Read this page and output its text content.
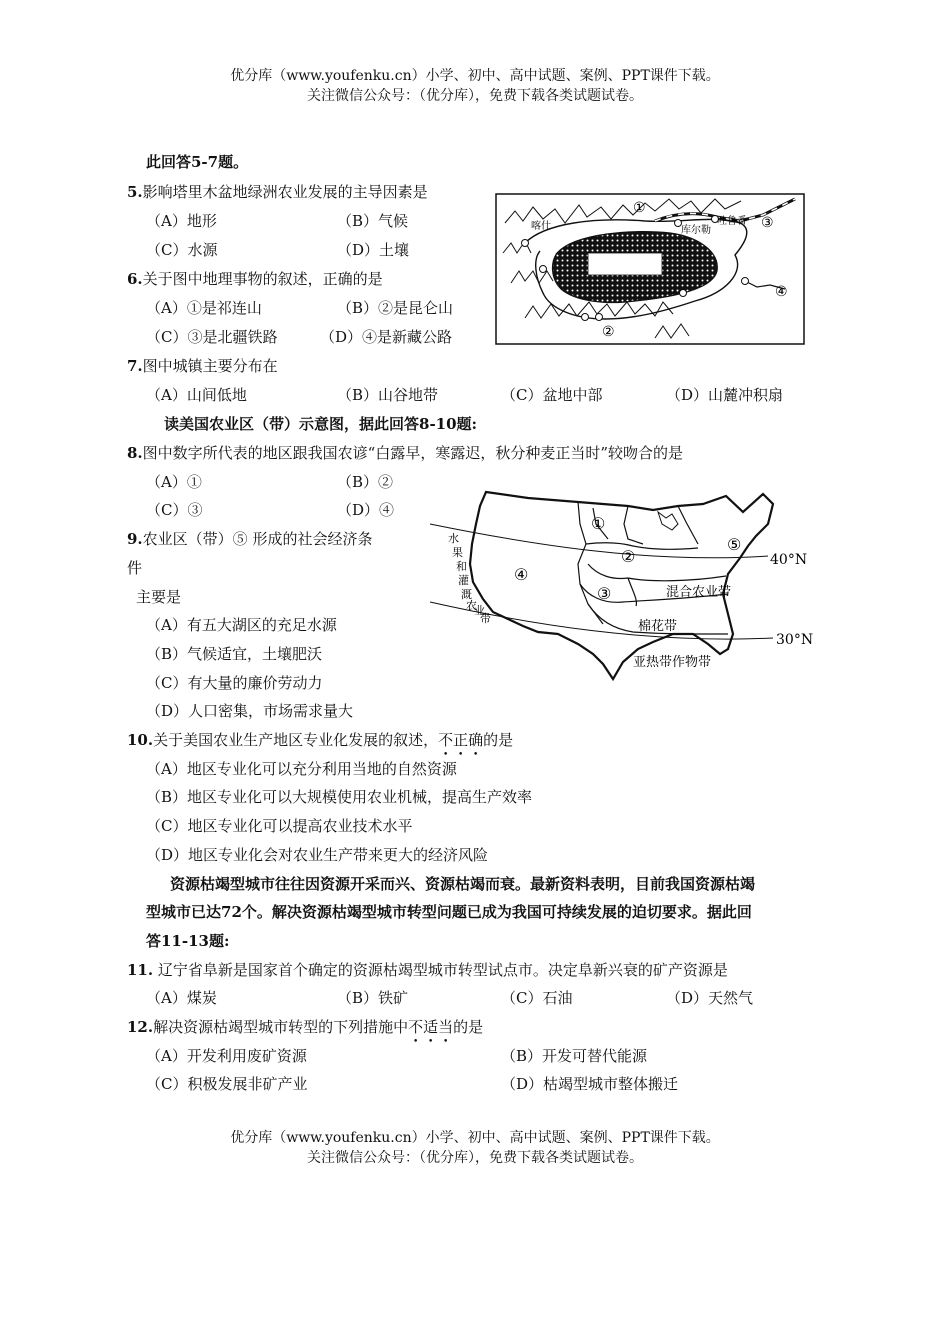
优分库（www.youfenku.cn）小学、初中、高中试题、案例、PPT课件下载。
关注微信公众号：（优分库），免费下载各类试题试卷。
此回答5-7题。
5.影响塔里木盆地绿洲农业发展的主导因素是
（A）地形	（B）气候
（C）水源	（D）土壤
6.关于图中地理事物的叙述，正确的是
（A）①是祁连山	（B）②是昆仑山
（C）③是北疆铁路	（D）④是新藏公路
7.图中城镇主要分布在
（A）山间低地	（B）山谷地带	（C）盆地中部	（D）山麓冲积扇
读美国农业区（带）示意图，据此回答8-10题:
8.图中数字所代表的地区跟我国农谚“白露早，寒露迟，秋分种麦正当时”较吻合的是
（A）①	（B）②
（C）③	（D）④
9.农业区（带）⑤ 形成的社会经济条
件
主要是
（A）有五大湖区的充足水源
（B）气候适宜，土壤肥沃
（C）有大量的廉价劳动力
（D）人口密集，市场需求量大
10.关于美国农业生产地区专业化发展的叙述，不正确的是
（A）地区专业化可以充分利用当地的自然资源
（B）地区专业化可以大规模使用农业机械，提高生产效率
（C）地区专业化可以提高农业技术水平
（D）地区专业化会对农业生产带来更大的经济风险
资源枯竭型城市往往因资源开采而兴、资源枯竭而衰。最新资料表明，目前我国资源枯竭
型城市已达72个。解决资源枯竭型城市转型问题已成为我国可持续发展的迫切要求。据此回
答11-13题:
11. 辽宁省阜新是国家首个确定的资源枯竭型城市转型试点市。决定阜新兴衰的矿产资源是
（A）煤炭	（B）铁矿	（C）石油	（D）天然气
12.解决资源枯竭型城市转型的下列措施中不适当的是
（A）开发利用废矿资源	（B）开发可替代能源
（C）积极发展非矿产业	（D）枯竭型城市整体搬迁
优分库（www.youfenku.cn）小学、初中、高中试题、案例、PPT课件下载。
关注微信公众号：（优分库），免费下载各类试题试卷。
喀什	吐鲁番
库尔勒
①
②
③
④
40°N
30°N
①
②
③
④
⑤
混合农业带
棉花带
亚热带作物带
水
果
和
灌
溉
农
业
带
